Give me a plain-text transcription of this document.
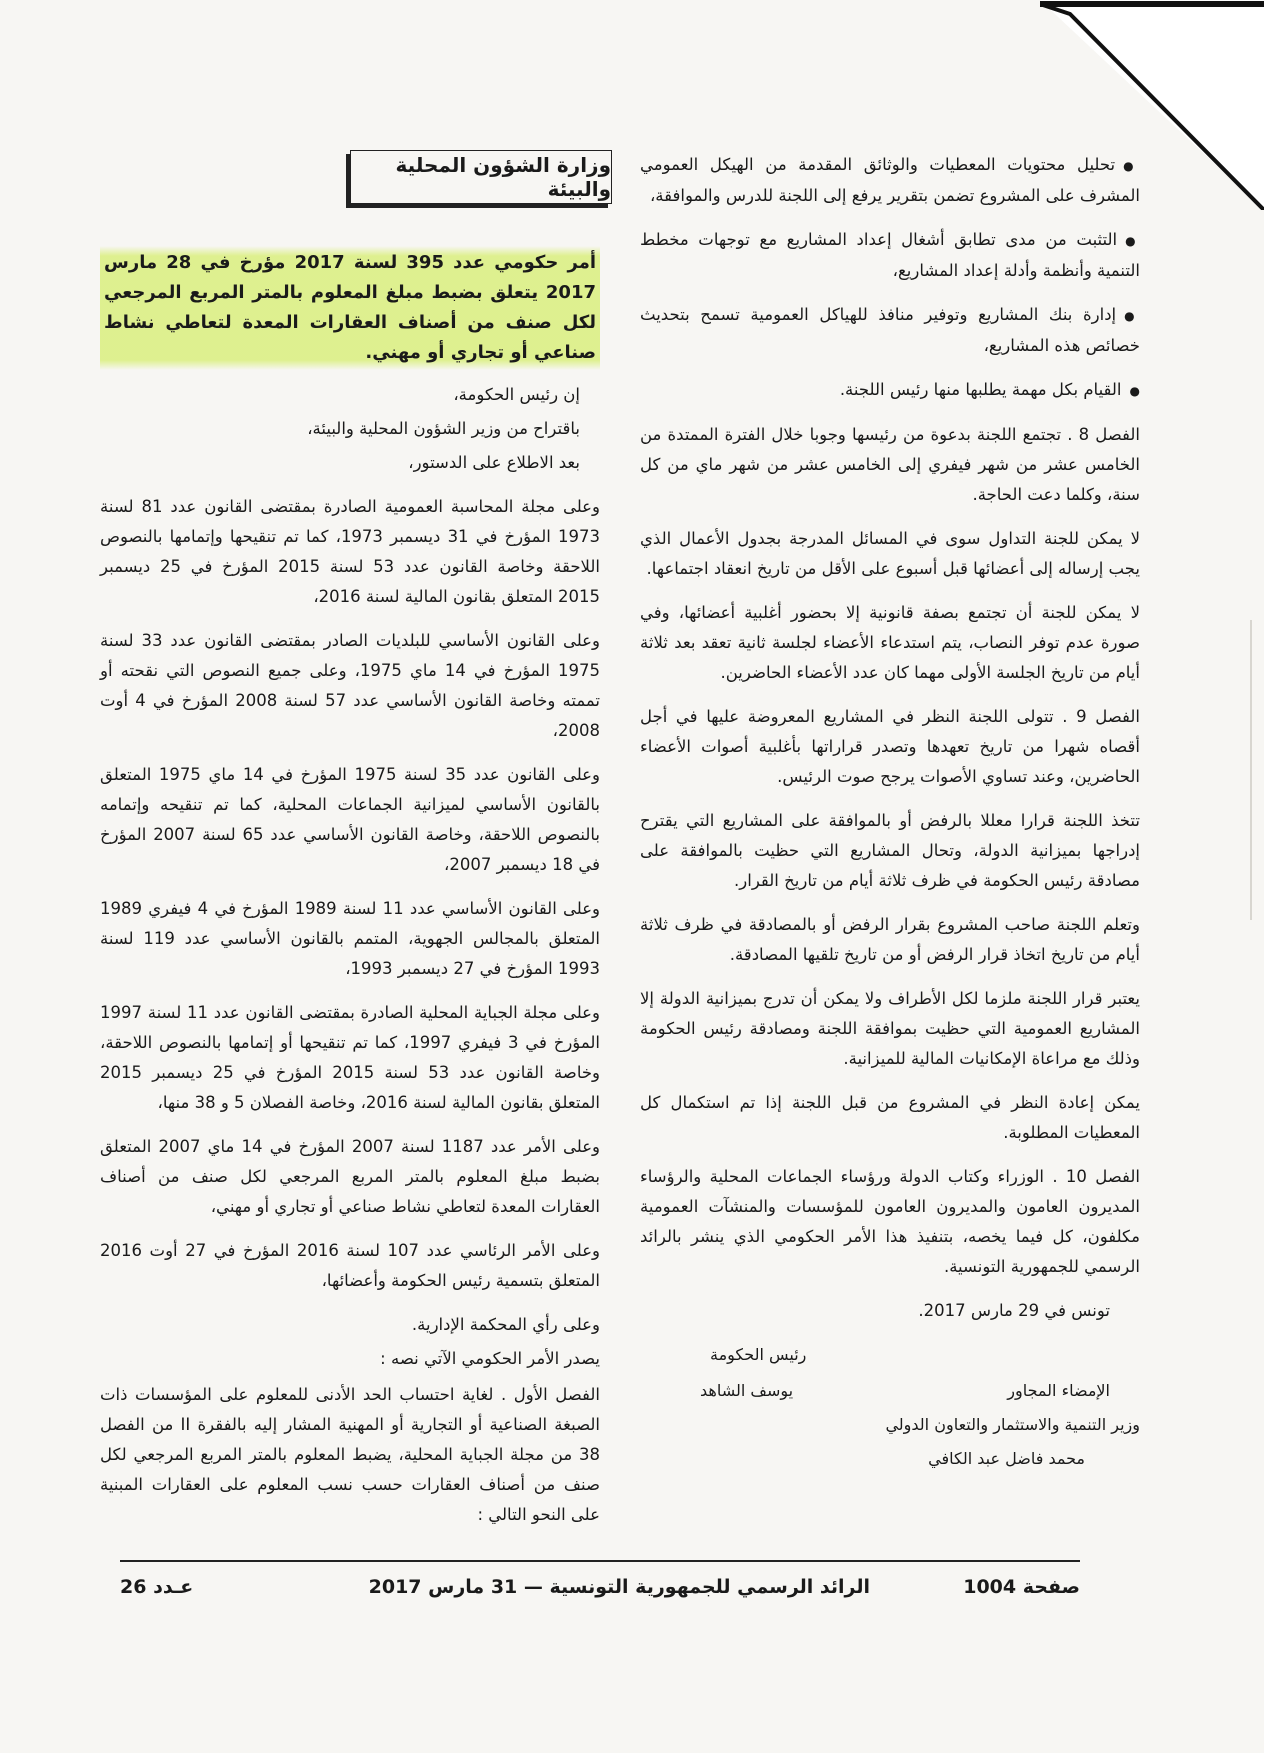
●تحليل محتويات المعطيات والوثائق المقدمة من الهيكل العمومي المشرف على المشروع تضمن بتقرير يرفع إلى اللجنة للدرس والموافقة،

●التثبت من مدى تطابق أشغال إعداد المشاريع مع توجهات مخطط التنمية وأنظمة وأدلة إعداد المشاريع،

●إدارة بنك المشاريع وتوفير منافذ للهياكل العمومية تسمح بتحديث خصائص هذه المشاريع،

●القيام بكل مهمة يطلبها منها رئيس اللجنة.

الفصل 8 . تجتمع اللجنة بدعوة من رئيسها وجوبا خلال الفترة الممتدة من الخامس عشر من شهر فيفري إلى الخامس عشر من شهر ماي من كل سنة، وكلما دعت الحاجة.

لا يمكن للجنة التداول سوى في المسائل المدرجة بجدول الأعمال الذي يجب إرساله إلى أعضائها قبل أسبوع على الأقل من تاريخ انعقاد اجتماعها.

لا يمكن للجنة أن تجتمع بصفة قانونية إلا بحضور أغلبية أعضائها، وفي صورة عدم توفر النصاب، يتم استدعاء الأعضاء لجلسة ثانية تعقد بعد ثلاثة أيام من تاريخ الجلسة الأولى مهما كان عدد الأعضاء الحاضرين.

الفصل 9 . تتولى اللجنة النظر في المشاريع المعروضة عليها في أجل أقصاه شهرا من تاريخ تعهدها وتصدر قراراتها بأغلبية أصوات الأعضاء الحاضرين، وعند تساوي الأصوات يرجح صوت الرئيس.

تتخذ اللجنة قرارا معللا بالرفض أو بالموافقة على المشاريع التي يقترح إدراجها بميزانية الدولة، وتحال المشاريع التي حظيت بالموافقة على مصادقة رئيس الحكومة في ظرف ثلاثة أيام من تاريخ القرار.

وتعلم اللجنة صاحب المشروع بقرار الرفض أو بالمصادقة في ظرف ثلاثة أيام من تاريخ اتخاذ قرار الرفض أو من تاريخ تلقيها المصادقة.

يعتبر قرار اللجنة ملزما لكل الأطراف ولا يمكن أن تدرج بميزانية الدولة إلا المشاريع العمومية التي حظيت بموافقة اللجنة ومصادقة رئيس الحكومة وذلك مع مراعاة الإمكانيات المالية للميزانية.

يمكن إعادة النظر في المشروع من قبل اللجنة إذا تم استكمال كل المعطيات المطلوبة.

الفصل 10 . الوزراء وكتاب الدولة ورؤساء الجماعات المحلية والرؤساء المديرون العامون والمديرون العامون للمؤسسات والمنشآت العمومية مكلفون، كل فيما يخصه، بتنفيذ هذا الأمر الحكومي الذي ينشر بالرائد الرسمي للجمهورية التونسية.

تونس في 29 مارس 2017.

رئيس الحكومة
يوسف الشاهد	الإمضاء المجاور
وزير التنمية والاستثمار والتعاون الدولي
محمد فاضل عبد الكافي
وزارة الشؤون المحلية والبيئة

أمر حكومي عدد 395 لسنة 2017 مؤرخ في 28 مارس 2017 يتعلق بضبط مبلغ المعلوم بالمتر المربع المرجعي لكل صنف من أصناف العقارات المعدة لتعاطي نشاط صناعي أو تجاري أو مهني.

إن رئيس الحكومة،

باقتراح من وزير الشؤون المحلية والبيئة،

بعد الاطلاع على الدستور،

وعلى مجلة المحاسبة العمومية الصادرة بمقتضى القانون عدد 81 لسنة 1973 المؤرخ في 31 ديسمبر 1973، كما تم تنقيحها وإتمامها بالنصوص اللاحقة وخاصة القانون عدد 53 لسنة 2015 المؤرخ في 25 ديسمبر 2015 المتعلق بقانون المالية لسنة 2016،

وعلى القانون الأساسي للبلديات الصادر بمقتضى القانون عدد 33 لسنة 1975 المؤرخ في 14 ماي 1975، وعلى جميع النصوص التي نقحته أو تممته وخاصة القانون الأساسي عدد 57 لسنة 2008 المؤرخ في 4 أوت 2008،

وعلى القانون عدد 35 لسنة 1975 المؤرخ في 14 ماي 1975 المتعلق بالقانون الأساسي لميزانية الجماعات المحلية، كما تم تنقيحه وإتمامه بالنصوص اللاحقة، وخاصة القانون الأساسي عدد 65 لسنة 2007 المؤرخ في 18 ديسمبر 2007،

وعلى القانون الأساسي عدد 11 لسنة 1989 المؤرخ في 4 فيفري 1989 المتعلق بالمجالس الجهوية، المتمم بالقانون الأساسي عدد 119 لسنة 1993 المؤرخ في 27 ديسمبر 1993،

وعلى مجلة الجباية المحلية الصادرة بمقتضى القانون عدد 11 لسنة 1997 المؤرخ في 3 فيفري 1997، كما تم تنقيحها أو إتمامها بالنصوص اللاحقة، وخاصة القانون عدد 53 لسنة 2015 المؤرخ في 25 ديسمبر 2015 المتعلق بقانون المالية لسنة 2016، وخاصة الفصلان 5 و 38 منها،

وعلى الأمر عدد 1187 لسنة 2007 المؤرخ في 14 ماي 2007 المتعلق بضبط مبلغ المعلوم بالمتر المربع المرجعي لكل صنف من أصناف العقارات المعدة لتعاطي نشاط صناعي أو تجاري أو مهني،

وعلى الأمر الرئاسي عدد 107 لسنة 2016 المؤرخ في 27 أوت 2016 المتعلق بتسمية رئيس الحكومة وأعضائها،

وعلى رأي المحكمة الإدارية.

يصدر الأمر الحكومي الآتي نصه :

الفصل الأول . لغاية احتساب الحد الأدنى للمعلوم على المؤسسات ذات الصبغة الصناعية أو التجارية أو المهنية المشار إليه بالفقرة II من الفصل 38 من مجلة الجباية المحلية، يضبط المعلوم بالمتر المربع المرجعي لكل صنف من أصناف العقارات حسب نسب المعلوم على العقارات المبنية على النحو التالي :

صفحة 1004
الرائد الرسمي للجمهورية التونسية — 31 مارس 2017
عـدد 26
